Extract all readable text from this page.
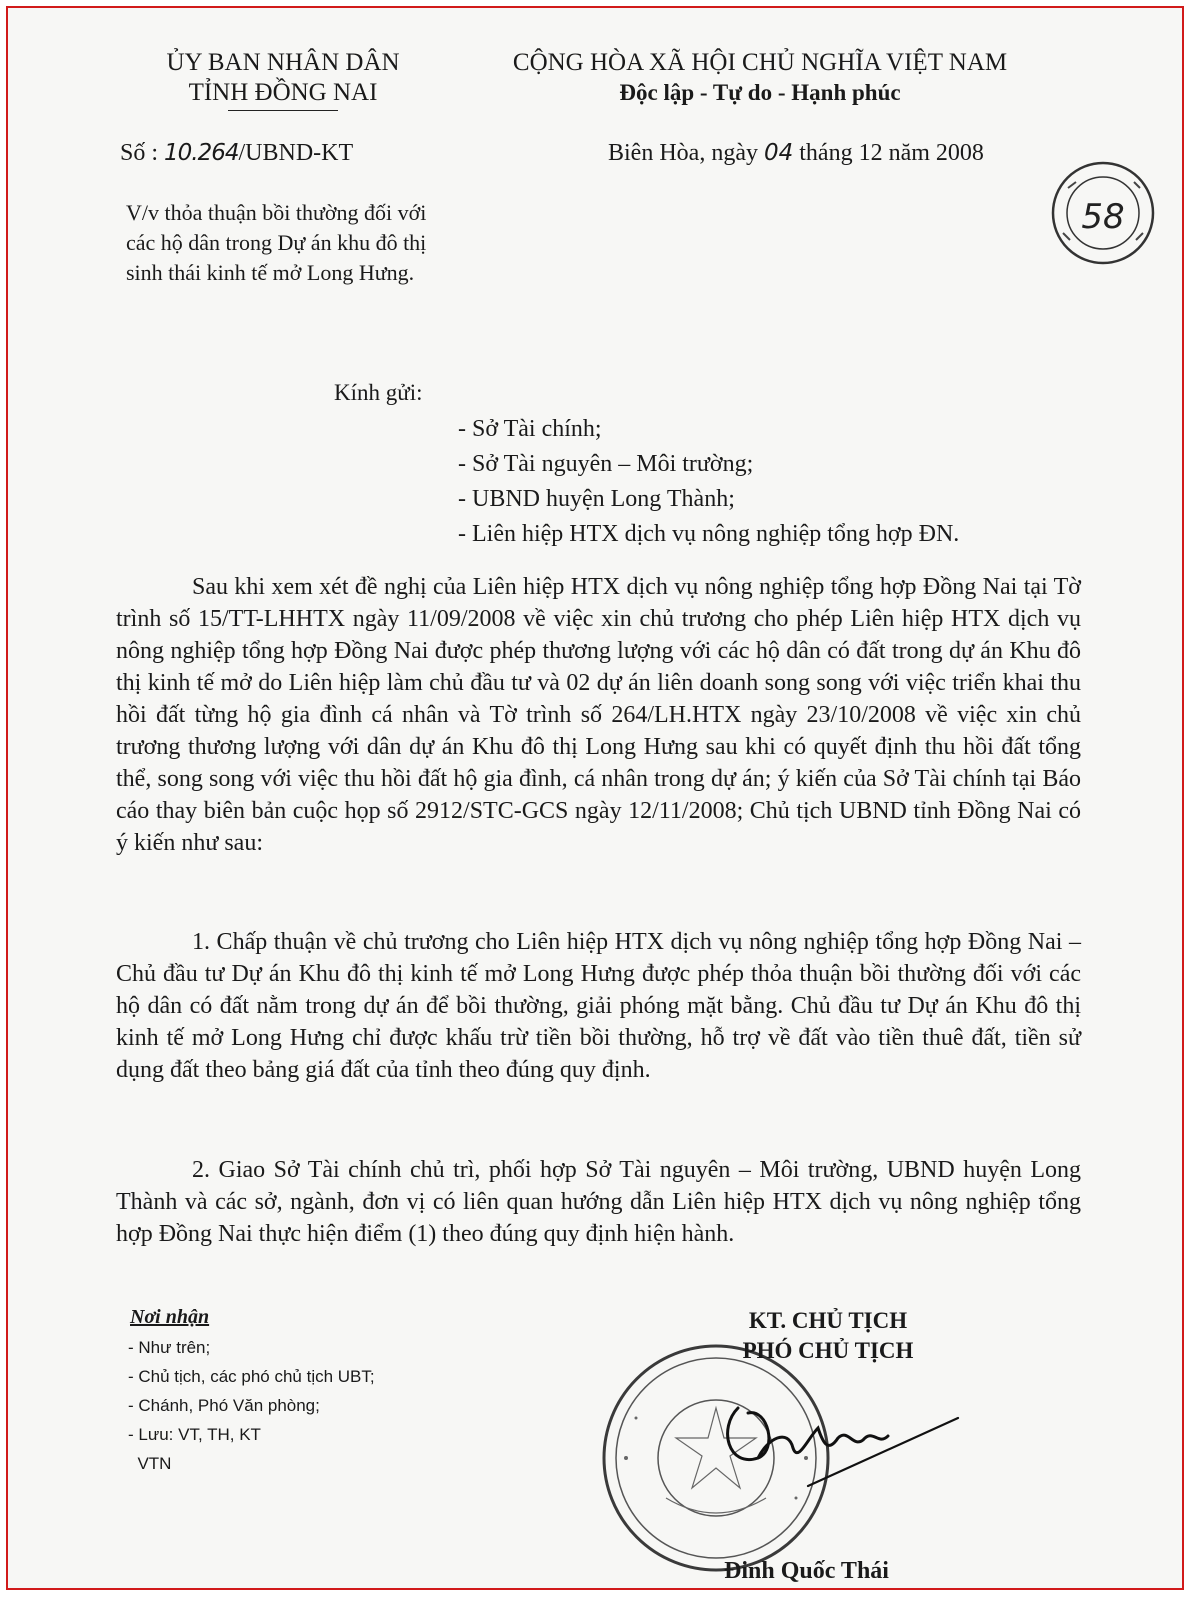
ỦY BAN NHÂN DÂN
TỈNH ĐỒNG NAI
CỘNG HÒA XÃ HỘI CHỦ NGHĨA VIỆT NAM
Độc lập - Tự do - Hạnh phúc
Số : 10.264/UBND-KT	Biên Hòa, ngày 04 tháng 12 năm 2008
V/v thỏa thuận bồi thường đối với
các hộ dân trong Dự án khu đô thị
sinh thái kinh tế mở Long Hưng.
58
Kính gửi:
- Sở Tài chính;
- Sở Tài nguyên – Môi trường;
- UBND huyện Long Thành;
- Liên hiệp HTX dịch vụ nông nghiệp tổng hợp ĐN.
Sau khi xem xét đề nghị của Liên hiệp HTX dịch vụ nông nghiệp tổng hợp Đồng Nai tại Tờ trình số 15/TT-LHHTX ngày 11/09/2008 về việc xin chủ trương cho phép Liên hiệp HTX dịch vụ nông nghiệp tổng hợp Đồng Nai được phép thương lượng với các hộ dân có đất trong dự án Khu đô thị kinh tế mở do Liên hiệp làm chủ đầu tư và 02 dự án liên doanh song song với việc triển khai thu hồi đất từng hộ gia đình cá nhân và Tờ trình số 264/LH.HTX ngày 23/10/2008 về việc xin chủ trương thương lượng với dân dự án Khu đô thị Long Hưng sau khi có quyết định thu hồi đất tổng thể, song song với việc thu hồi đất hộ gia đình, cá nhân trong dự án; ý kiến của Sở Tài chính tại Báo cáo thay biên bản cuộc họp số 2912/STC-GCS ngày 12/11/2008; Chủ tịch UBND tỉnh Đồng Nai có ý kiến như sau:
1. Chấp thuận về chủ trương cho Liên hiệp HTX dịch vụ nông nghiệp tổng hợp Đồng Nai – Chủ đầu tư Dự án Khu đô thị kinh tế mở Long Hưng được phép thỏa thuận bồi thường đối với các hộ dân có đất nằm trong dự án để bồi thường, giải phóng mặt bằng. Chủ đầu tư Dự án Khu đô thị kinh tế mở Long Hưng chỉ được khấu trừ tiền bồi thường, hỗ trợ về đất vào tiền thuê đất, tiền sử dụng đất theo bảng giá đất của tỉnh theo đúng quy định.
2. Giao Sở Tài chính chủ trì, phối hợp Sở Tài nguyên – Môi trường, UBND huyện Long Thành và các sở, ngành, đơn vị có liên quan hướng dẫn Liên hiệp HTX dịch vụ nông nghiệp tổng hợp Đồng Nai thực hiện điểm (1) theo đúng quy định hiện hành.
Nơi nhận
- Như trên;
- Chủ tịch, các phó chủ tịch UBT;
- Chánh, Phó Văn phòng;
- Lưu: VT, TH, KT
VTN
KT. CHỦ TỊCH
PHÓ CHỦ TỊCH
Đinh Quốc Thái
